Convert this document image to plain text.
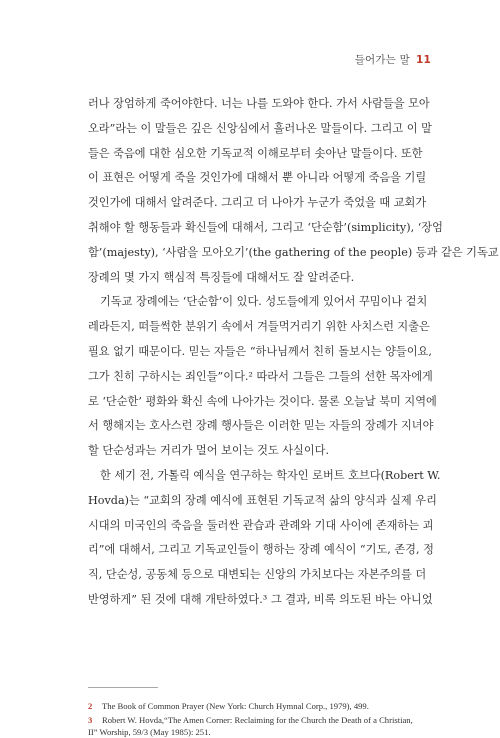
들어가는 말 11
러나 장엄하게 죽어야한다. 너는 나를 도와야 한다. 가서 사람들을 모아
오라”라는 이 말들은 깊은 신앙심에서 흘러나온 말들이다. 그리고 이 말
들은 죽음에 대한 심오한 기독교적 이해로부터 솟아난 말들이다. 또한
이 표현은 어떻게 죽을 것인가에 대해서 뿐 아니라 어떻게 죽음을 기릴
것인가에 대해서 알려준다. 그리고 더 나아가 누군가 죽었을 때 교회가
취해야 할 행동들과 확신들에 대해서, 그리고 ‘단순함’(simplicity), ‘장엄
함’(majesty), ‘사람을 모아오기’(the gathering of the people) 등과 같은 기독교
장례의 몇 가지 핵심적 특징들에 대해서도 잘 알려준다.
기독교 장례에는 ‘단순함’이 있다. 성도들에게 있어서 꾸밈이나 겉치
레라든지, 떠들썩한 분위기 속에서 겨들먹거리기 위한 사치스런 지출은
필요 없기 때문이다. 믿는 자들은 “하나님께서 친히 돌보시는 양들이요,
그가 친히 구하시는 죄인들”이다.² 따라서 그들은 그들의 선한 목자에게
로 ‘단순한’ 평화와 확신 속에 나아가는 것이다. 물론 오늘날 북미 지역에
서 행해지는 호사스런 장례 행사들은 이러한 믿는 자들의 장례가 지녀야
할 단순성과는 거리가 멀어 보이는 것도 사실이다.
한 세기 전, 가톨릭 예식을 연구하는 학자인 로버트 호브다(Robert W.
Hovda)는 “교회의 장례 예식에 표현된 기독교적 삶의 양식과 실제 우리
시대의 미국인의 죽음을 둘러싼 관습과 관례와 기대 사이에 존재하는 괴
리”에 대해서, 그리고 기독교인들이 행하는 장례 예식이 “기도, 존경, 정
직, 단순성, 공동체 등으로 대변되는 신앙의 가치보다는 자본주의를 더
반영하게” 된 것에 대해 개탄하였다.³ 그 결과, 비록 의도된 바는 아니었
2 The Book of Common Prayer (New York: Church Hymnal Corp., 1979), 499.
3 Robert W. Hovda,“The Amen Corner: Reclaiming for the Church the Death of a Christian, II” Worship, 59/3 (May 1985): 251.
